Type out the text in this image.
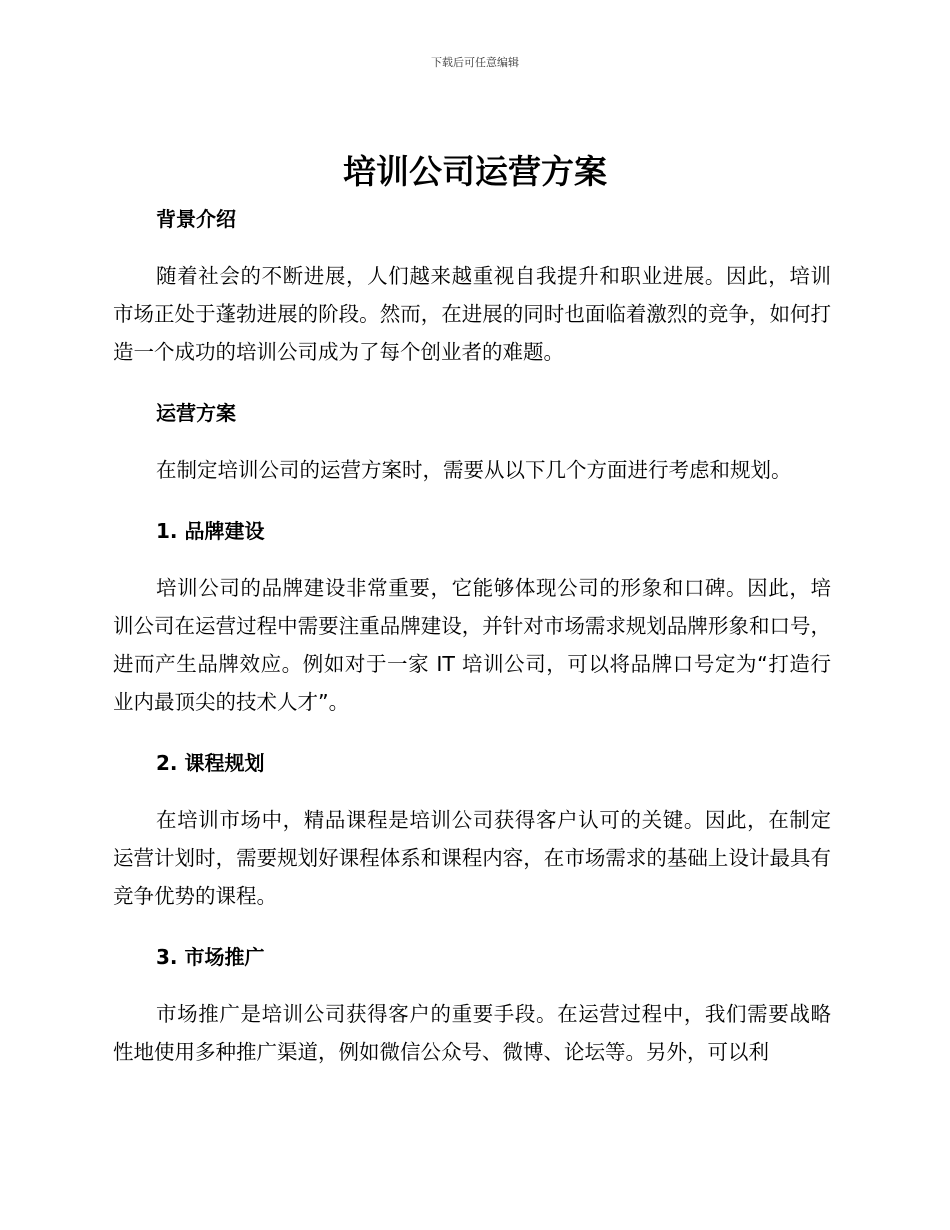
下载后可任意编辑
培训公司运营方案
背景介绍

随着社会的不断进展，人们越来越重视自我提升和职业进展。因此，培训市场正处于蓬勃进展的阶段。然而，在进展的同时也面临着激烈的竞争，如何打造一个成功的培训公司成为了每个创业者的难题。

运营方案

在制定培训公司的运营方案时，需要从以下几个方面进行考虑和规划。

1. 品牌建设

培训公司的品牌建设非常重要，它能够体现公司的形象和口碑。因此，培训公司在运营过程中需要注重品牌建设，并针对市场需求规划品牌形象和口号，进而产生品牌效应。例如对于一家 IT 培训公司，可以将品牌口号定为“打造行业内最顶尖的技术人才”。

2. 课程规划

在培训市场中，精品课程是培训公司获得客户认可的关键。因此，在制定运营计划时，需要规划好课程体系和课程内容，在市场需求的基础上设计最具有竞争优势的课程。

3. 市场推广

市场推广是培训公司获得客户的重要手段。在运营过程中，我们需要战略性地使用多种推广渠道，例如微信公众号、微博、论坛等。另外，可以利
